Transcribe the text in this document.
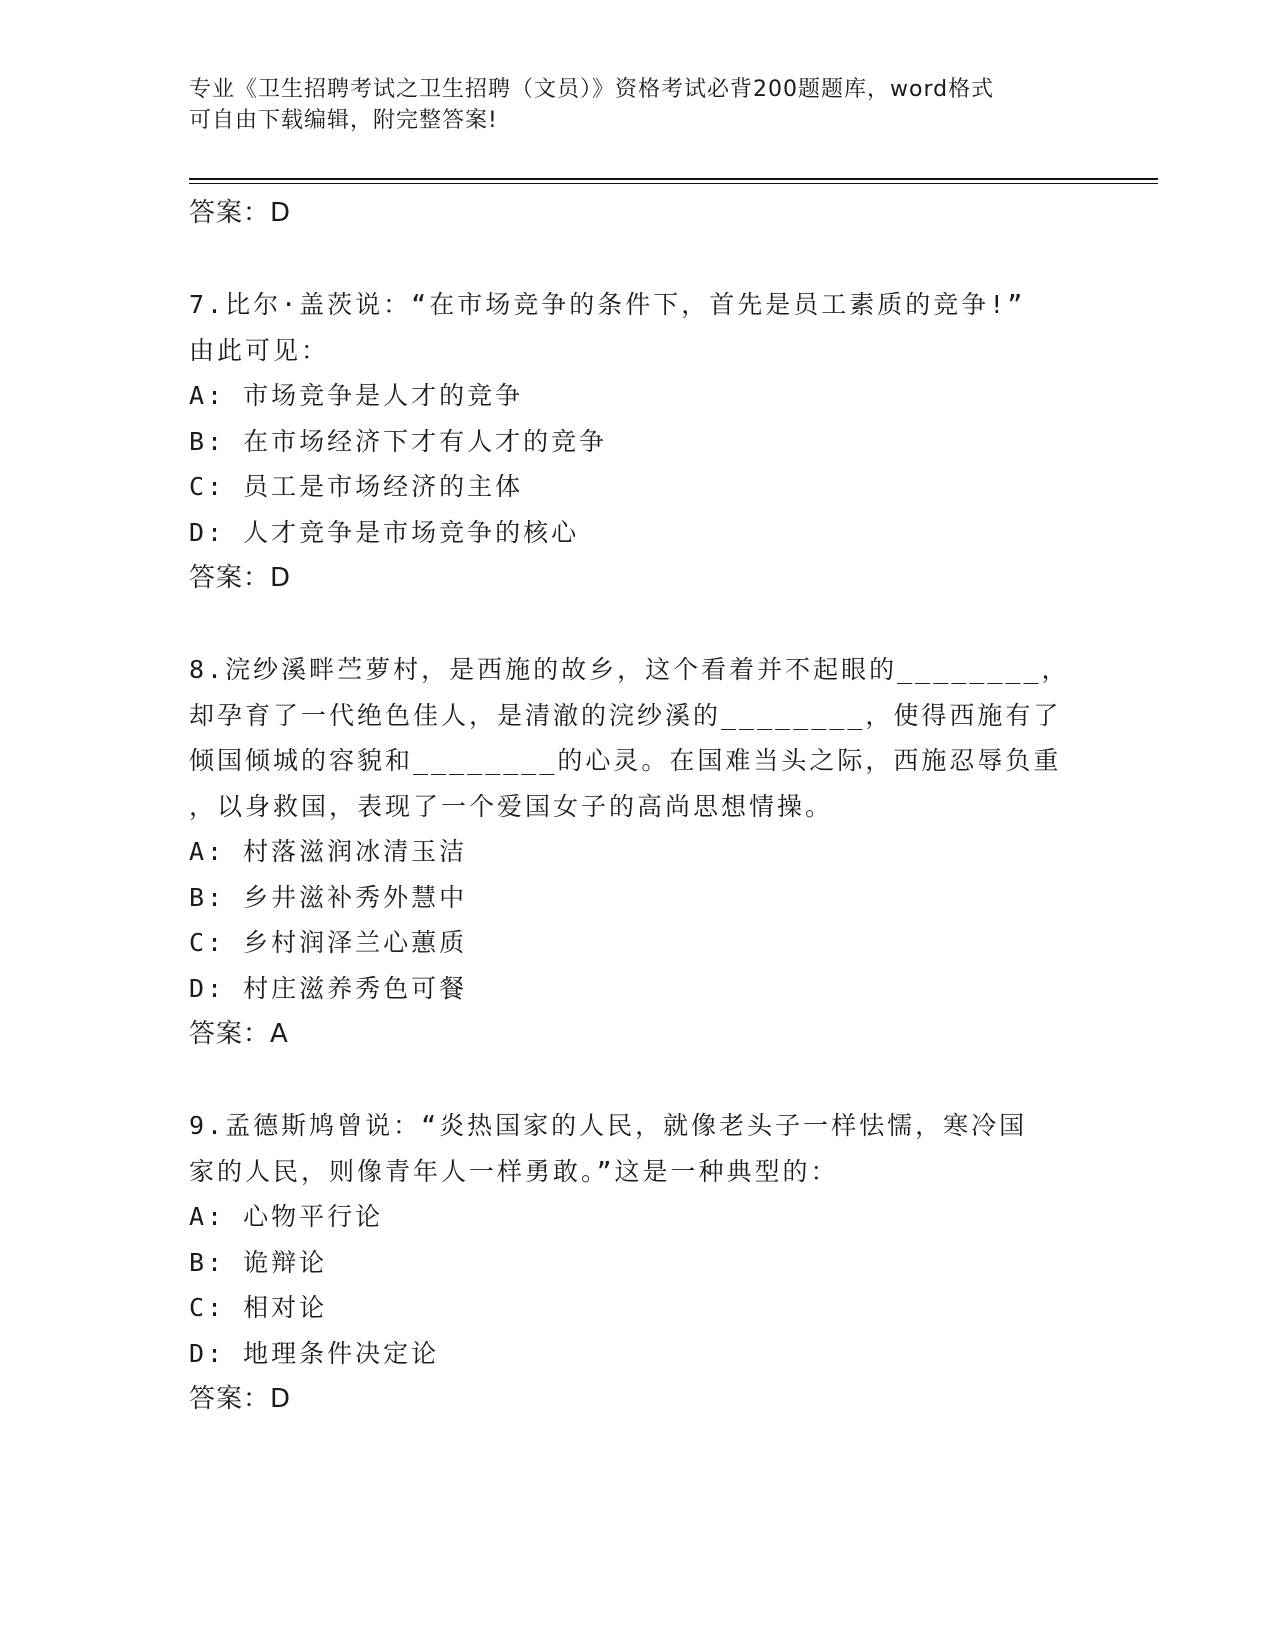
专业《卫生招聘考试之卫生招聘（文员）》资格考试必背200题题库，word格式
可自由下载编辑，附完整答案!
答案：D
7.比尔·盖茨说：“在市场竞争的条件下，首先是员工素质的竞争!”
由此可见：
A: 市场竞争是人才的竞争
B: 在市场经济下才有人才的竞争
C: 员工是市场经济的主体
D: 人才竞争是市场竞争的核心
答案：D
8.浣纱溪畔苎萝村，是西施的故乡，这个看着并不起眼的________，
却孕育了一代绝色佳人，是清澈的浣纱溪的________，使得西施有了
倾国倾城的容貌和________的心灵。在国难当头之际，西施忍辱负重
，以身救国，表现了一个爱国女子的高尚思想情操。
A: 村落滋润冰清玉洁
B: 乡井滋补秀外慧中
C: 乡村润泽兰心蕙质
D: 村庄滋养秀色可餐
答案：A
9.孟德斯鸠曾说：“炎热国家的人民，就像老头子一样怯懦，寒冷国
家的人民，则像青年人一样勇敢。”这是一种典型的：
A: 心物平行论
B: 诡辩论
C: 相对论
D: 地理条件决定论
答案：D
